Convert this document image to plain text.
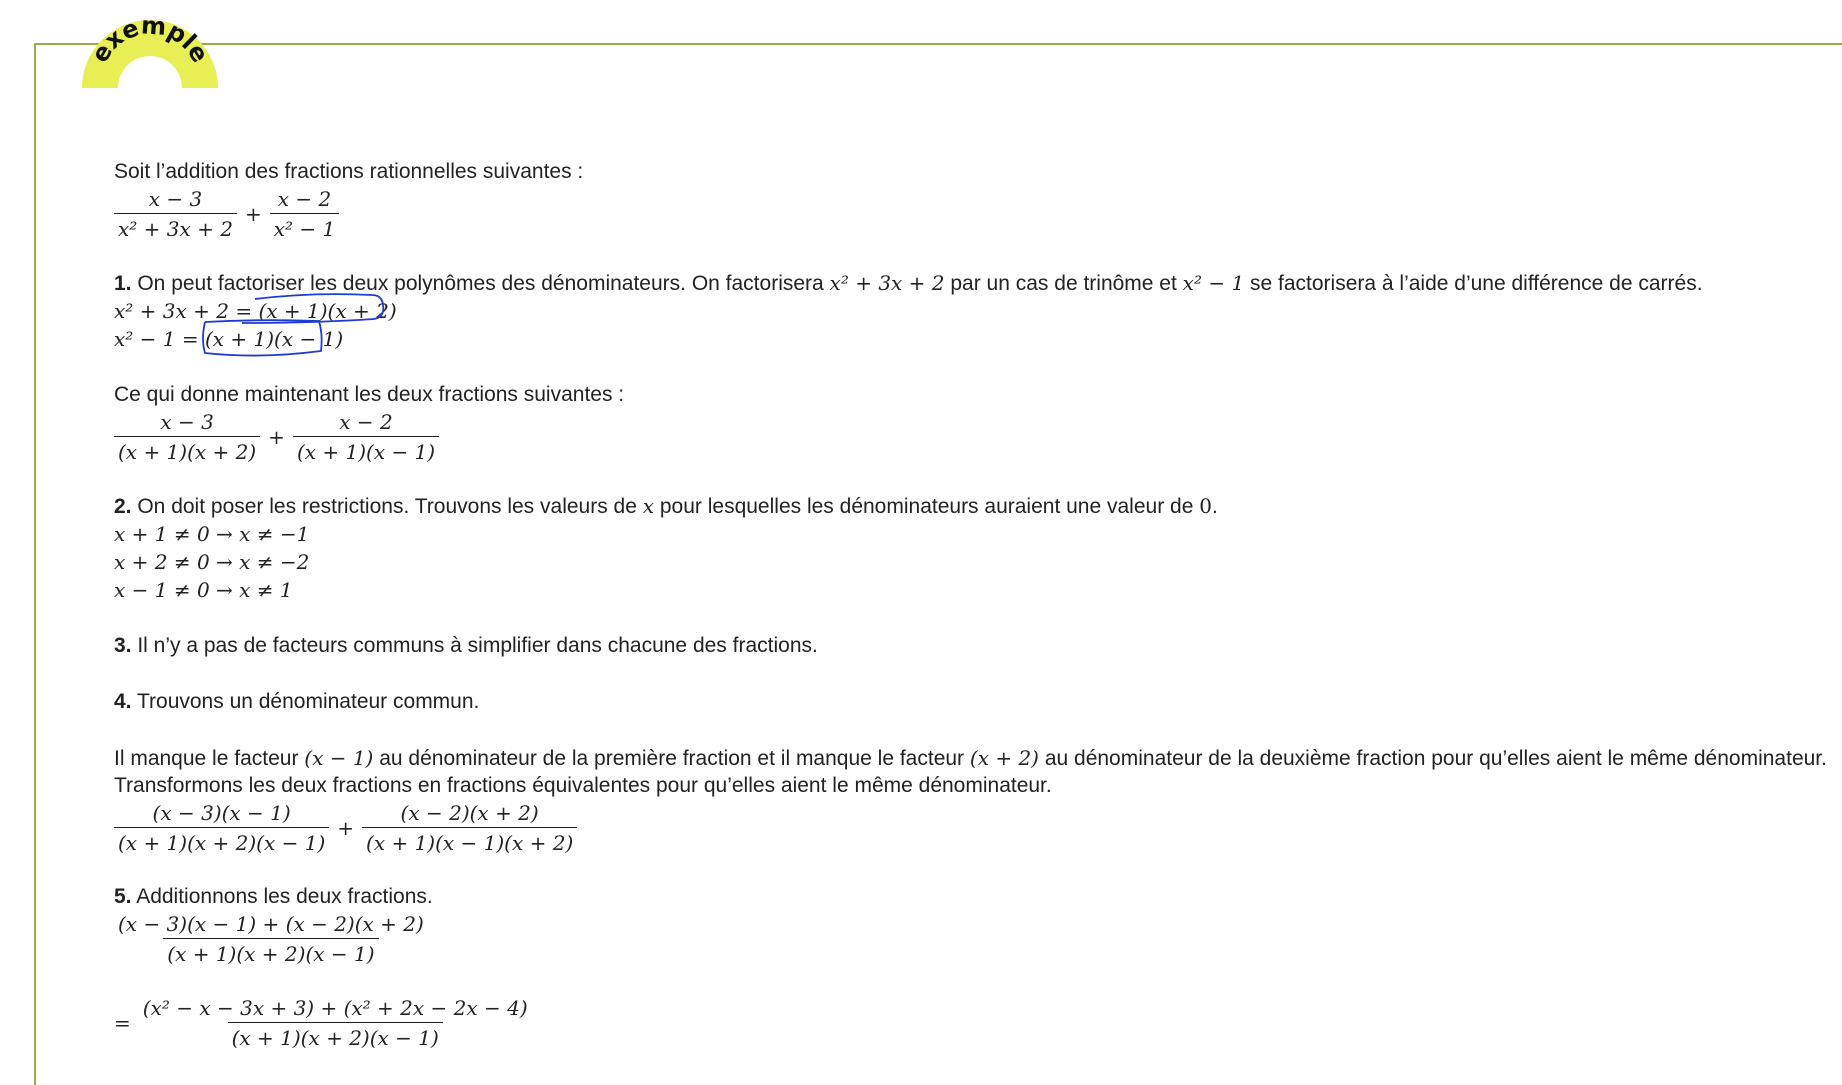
exemple
Soit l’addition des fractions rationnelles suivantes :
$\frac{x - 3}{\text{x² + 3x + 2}} + \frac{x - 2}{\text{x² − 1}}$
1. On peut factoriser les deux polynômes des dénominateurs. On factorisera x² + 3x + 2 par un cas de trinôme et x² − 1 se factorisera à l’aide d’une différence de carrés.
x² + 3x + 2 = (x + 1)(x + 2)
x² − 1 = (x + 1)(x − 1)
Ce qui donne maintenant les deux fractions suivantes :
$\frac{x - 3}{(x + 1)(x + 2)} + \frac{x - 2}{(x + 1)(x - 1)}$
2. On doit poser les restrictions. Trouvons les valeurs de x pour lesquelles les dénominateurs auraient une valeur de 0.
x + 1 ≠ 0 → x ≠ −1
x + 2 ≠ 0 → x ≠ −2
x − 1 ≠ 0 → x ≠ 1
3. Il n’y a pas de facteurs communs à simplifier dans chacune des fractions.
4. Trouvons un dénominateur commun.
Il manque le facteur (x − 1) au dénominateur de la première fraction et il manque le facteur (x + 2) au dénominateur de la deuxième fraction pour qu’elles aient le même dénominateur.
Transformons les deux fractions en fractions équivalentes pour qu’elles aient le même dénominateur.
$\frac{(x - 3)(x - 1)}{(x + 1)(x + 2)(x - 1)} + \frac{(x - 2)(x + 2)}{(x + 1)(x - 1)(x + 2)}$
5. Additionnons les deux fractions.
$\frac{(x - 3)(x - 1) + (x - 2)(x + 2)}{(x + 1)(x + 2)(x - 1)}$
= $\frac{\text{(x² − x − 3x + 3) + (x² + 2x − 2x − 4)}}{(x + 1)(x + 2)(x - 1)}$
